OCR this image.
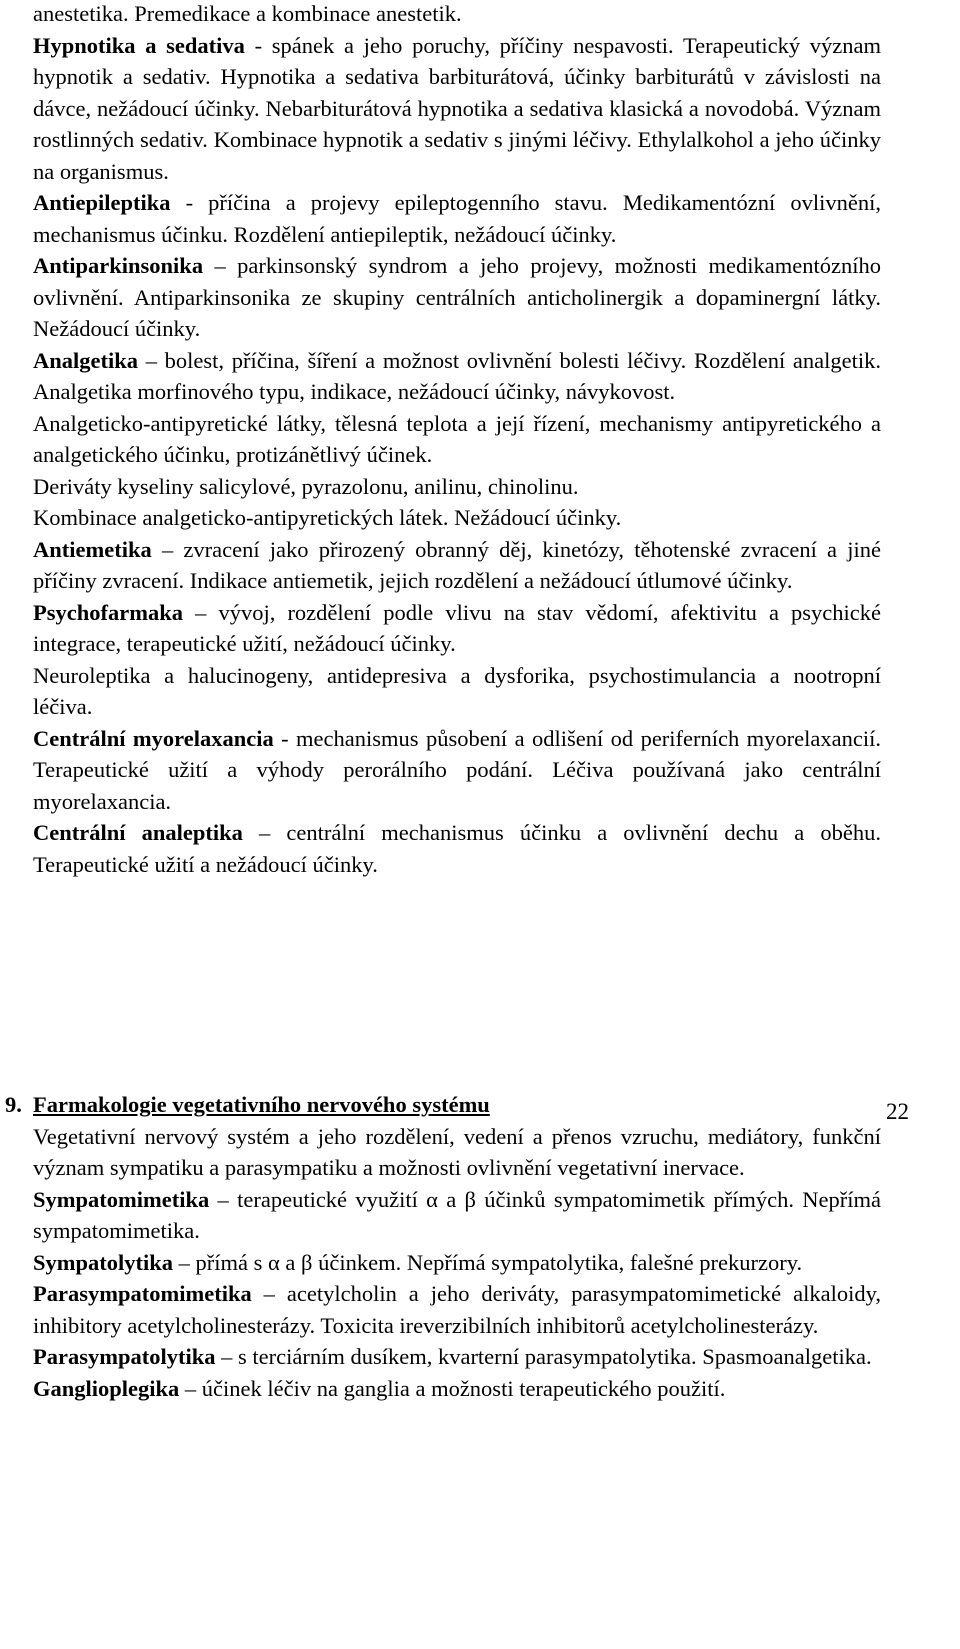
anestetika. Premedikace a kombinace anestetik.

Hypnotika a sedativa - spánek a jeho poruchy, příčiny nespavosti. Terapeutický význam hypnotik a sedativ. Hypnotika a sedativa barbiturátová, účinky barbiturátů v závislosti na dávce, nežádoucí účinky. Nebarbiturátová hypnotika a sedativa klasická a novodobá. Význam rostlinných sedativ. Kombinace hypnotik a sedativ s jinými léčivy. Ethylalkohol a jeho účinky na organismus.

Antiepileptika - příčina a projevy epileptogenního stavu. Medikamentózní ovlivnění, mechanismus účinku. Rozdělení antiepileptik, nežádoucí účinky.

Antiparkinsonika – parkinsonský syndrom a jeho projevy, možnosti medikamentózního ovlivnění. Antiparkinsonika ze skupiny centrálních anticholinergik a dopaminergní látky. Nežádoucí účinky.

Analgetika – bolest, příčina, šíření a možnost ovlivnění bolesti léčivy. Rozdělení analgetik. Analgetika morfinového typu, indikace, nežádoucí účinky, návykovost.

Analgeticko-antipyretické látky, tělesná teplota a její řízení, mechanismy antipyretického a analgetického účinku, protizánětlivý účinek.

Deriváty kyseliny salicylové, pyrazolonu, anilinu, chinolinu.

Kombinace analgeticko-antipyretických látek. Nežádoucí účinky.

Antiemetika – zvracení jako přirozený obranný děj, kinetózy, těhotenské zvracení a jiné příčiny zvracení. Indikace antiemetik, jejich rozdělení a nežádoucí útlumové účinky.

Psychofarmaka – vývoj, rozdělení podle vlivu na stav vědomí, afektivitu a psychické integrace, terapeutické užití, nežádoucí účinky.

Neuroleptika a halucinogeny, antidepresiva a dysforika, psychostimulancia a nootropní léčiva.

Centrální myorelaxancia - mechanismus působení a odlišení od periferních myorelaxancií. Terapeutické užití a výhody perorálního podání. Léčiva používaná jako centrální myorelaxancia.

Centrální analeptika – centrální mechanismus účinku a ovlivnění dechu a oběhu. Terapeutické užití a nežádoucí účinky.

9. Farmakologie vegetativního nervového systému	22

Vegetativní nervový systém a jeho rozdělení, vedení a přenos vzruchu, mediátory, funkční význam sympatiku a parasympatiku a možnosti ovlivnění vegetativní inervace.

Sympatomimetika – terapeutické využití α a β účinků sympatomimetik přímých. Nepřímá sympatomimetika.

Sympatolytika – přímá s α a β účinkem. Nepřímá sympatolytika, falešné prekurzory.

Parasympatomimetika – acetylcholin a jeho deriváty, parasympatomimetické alkaloidy, inhibitory acetylcholinesterázy. Toxicita ireverzibilních inhibitorů acetylcholinesterázy.

Parasympatolytika – s terciárním dusíkem, kvarterní parasympatolytika. Spasmoanalgetika.

Ganglioplegika – účinek léčiv na ganglia a možnosti terapeutického použití.
